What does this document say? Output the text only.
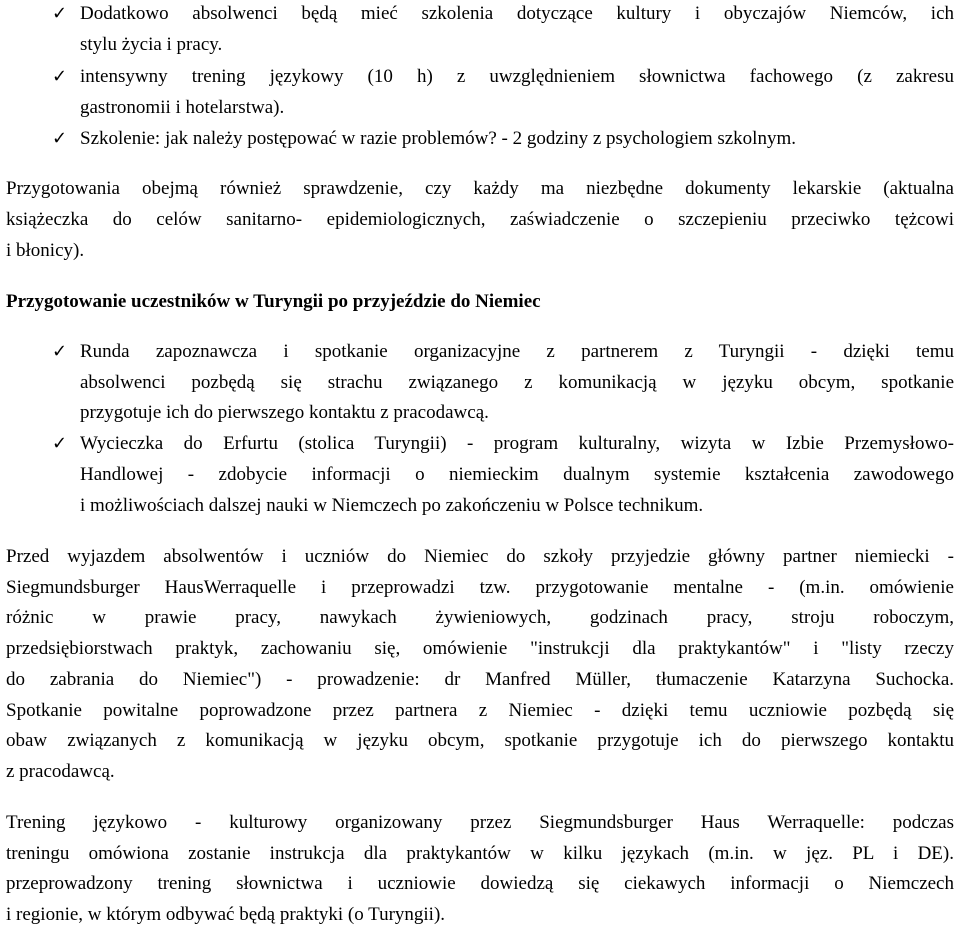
✓ Dodatkowo absolwenci będą mieć szkolenia dotyczące kultury i obyczajów Niemców, ich
stylu życia i pracy.
✓ intensywny trening językowy (10 h) z uwzględnieniem słownictwa fachowego (z zakresu
gastronomii i hotelarstwa).
✓ Szkolenie: jak należy postępować w razie problemów? - 2 godziny z psychologiem szkolnym.
Przygotowania obejmą również sprawdzenie, czy każdy ma niezbędne dokumenty lekarskie (aktualna
książeczka do celów sanitarno- epidemiologicznych, zaświadczenie o szczepieniu przeciwko tężcowi
i błonicy).
Przygotowanie uczestników w Turyngii po przyjeździe do Niemiec
✓ Runda zapoznawcza i spotkanie organizacyjne z partnerem z Turyngii - dzięki temu
absolwenci pozbędą się strachu związanego z komunikacją w języku obcym, spotkanie
przygotuje ich do pierwszego kontaktu z pracodawcą.
✓ Wycieczka do Erfurtu (stolica Turyngii) - program kulturalny, wizyta w Izbie Przemysłowo-
Handlowej - zdobycie informacji o niemieckim dualnym systemie kształcenia zawodowego
i możliwościach dalszej nauki w Niemczech po zakończeniu w Polsce technikum.
Przed wyjazdem absolwentów i uczniów do Niemiec do szkoły przyjedzie główny partner niemiecki -
Siegmundsburger HausWerraquelle i przeprowadzi tzw. przygotowanie mentalne - (m.in. omówienie
różnic w prawie pracy, nawykach żywieniowych, godzinach pracy, stroju roboczym,
przedsiębiorstwach praktyk, zachowaniu się, omówienie "instrukcji dla praktykantów" i "listy rzeczy
do zabrania do Niemiec") - prowadzenie: dr Manfred Müller, tłumaczenie Katarzyna Suchocka.
Spotkanie powitalne poprowadzone przez partnera z Niemiec - dzięki temu uczniowie pozbędą się
obaw związanych z komunikacją w języku obcym, spotkanie przygotuje ich do pierwszego kontaktu
z pracodawcą.
Trening językowo - kulturowy organizowany przez Siegmundsburger Haus Werraquelle: podczas
treningu omówiona zostanie instrukcja dla praktykantów w kilku językach (m.in. w jęz. PL i DE).
przeprowadzony trening słownictwa i uczniowie dowiedzą się ciekawych informacji o Niemczech
i regionie, w którym odbywać będą praktyki (o Turyngii).
